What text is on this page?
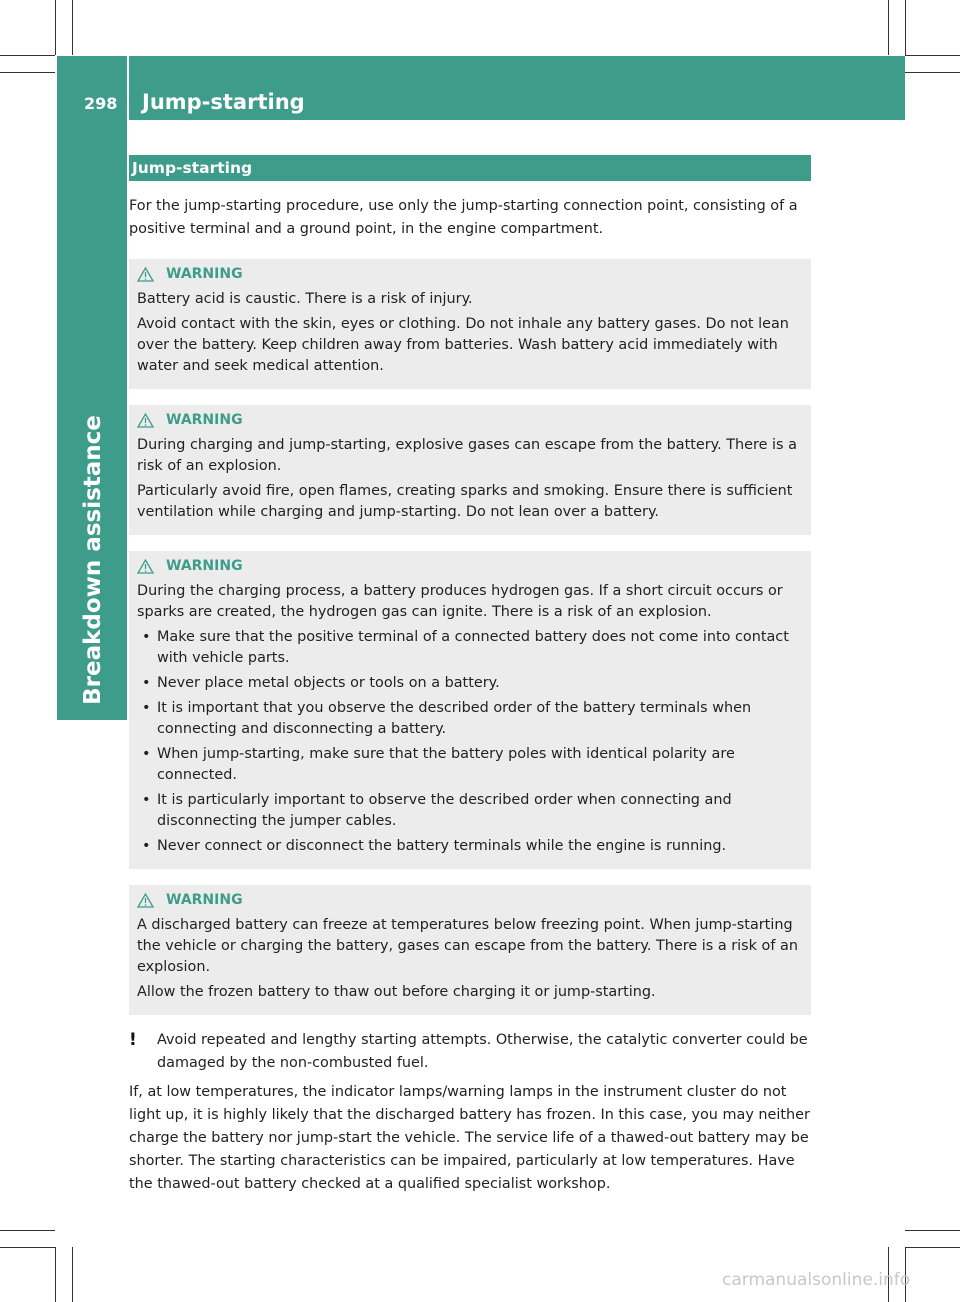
298	Jump-starting
Breakdown assistance
Jump-starting

For the jump-starting procedure, use only the jump-starting connection point, consisting of a positive terminal and a ground point, in the engine compartment.

WARNING

Battery acid is caustic. There is a risk of injury.

Avoid contact with the skin, eyes or clothing. Do not inhale any battery gases. Do not lean over the battery. Keep children away from batteries. Wash battery acid immediately with water and seek medical attention.

WARNING

During charging and jump-starting, explosive gases can escape from the battery. There is a risk of an explosion.

Particularly avoid fire, open flames, creating sparks and smoking. Ensure there is sufficient ventilation while charging and jump-starting. Do not lean over a battery.

WARNING

During the charging process, a battery produces hydrogen gas. If a short circuit occurs or sparks are created, the hydrogen gas can ignite. There is a risk of an explosion.

• Make sure that the positive terminal of a connected battery does not come into contact with vehicle parts.
• Never place metal objects or tools on a battery.
• It is important that you observe the described order of the battery terminals when connecting and disconnecting a battery.
• When jump-starting, make sure that the battery poles with identical polarity are connected.
• It is particularly important to observe the described order when connecting and disconnecting the jumper cables.
• Never connect or disconnect the battery terminals while the engine is running.
WARNING

A discharged battery can freeze at temperatures below freezing point. When jump-starting the vehicle or charging the battery, gases can escape from the battery. There is a risk of an explosion.

Allow the frozen battery to thaw out before charging it or jump-starting.

! Avoid repeated and lengthy starting attempts. Otherwise, the catalytic converter could be damaged by the non-combusted fuel.

If, at low temperatures, the indicator lamps/warning lamps in the instrument cluster do not light up, it is highly likely that the discharged battery has frozen. In this case, you may neither charge the battery nor jump-start the vehicle. The service life of a thawed-out battery may be shorter. The starting characteristics can be impaired, particularly at low temperatures. Have the thawed-out battery checked at a qualified specialist workshop.

carmanualsonline.info
